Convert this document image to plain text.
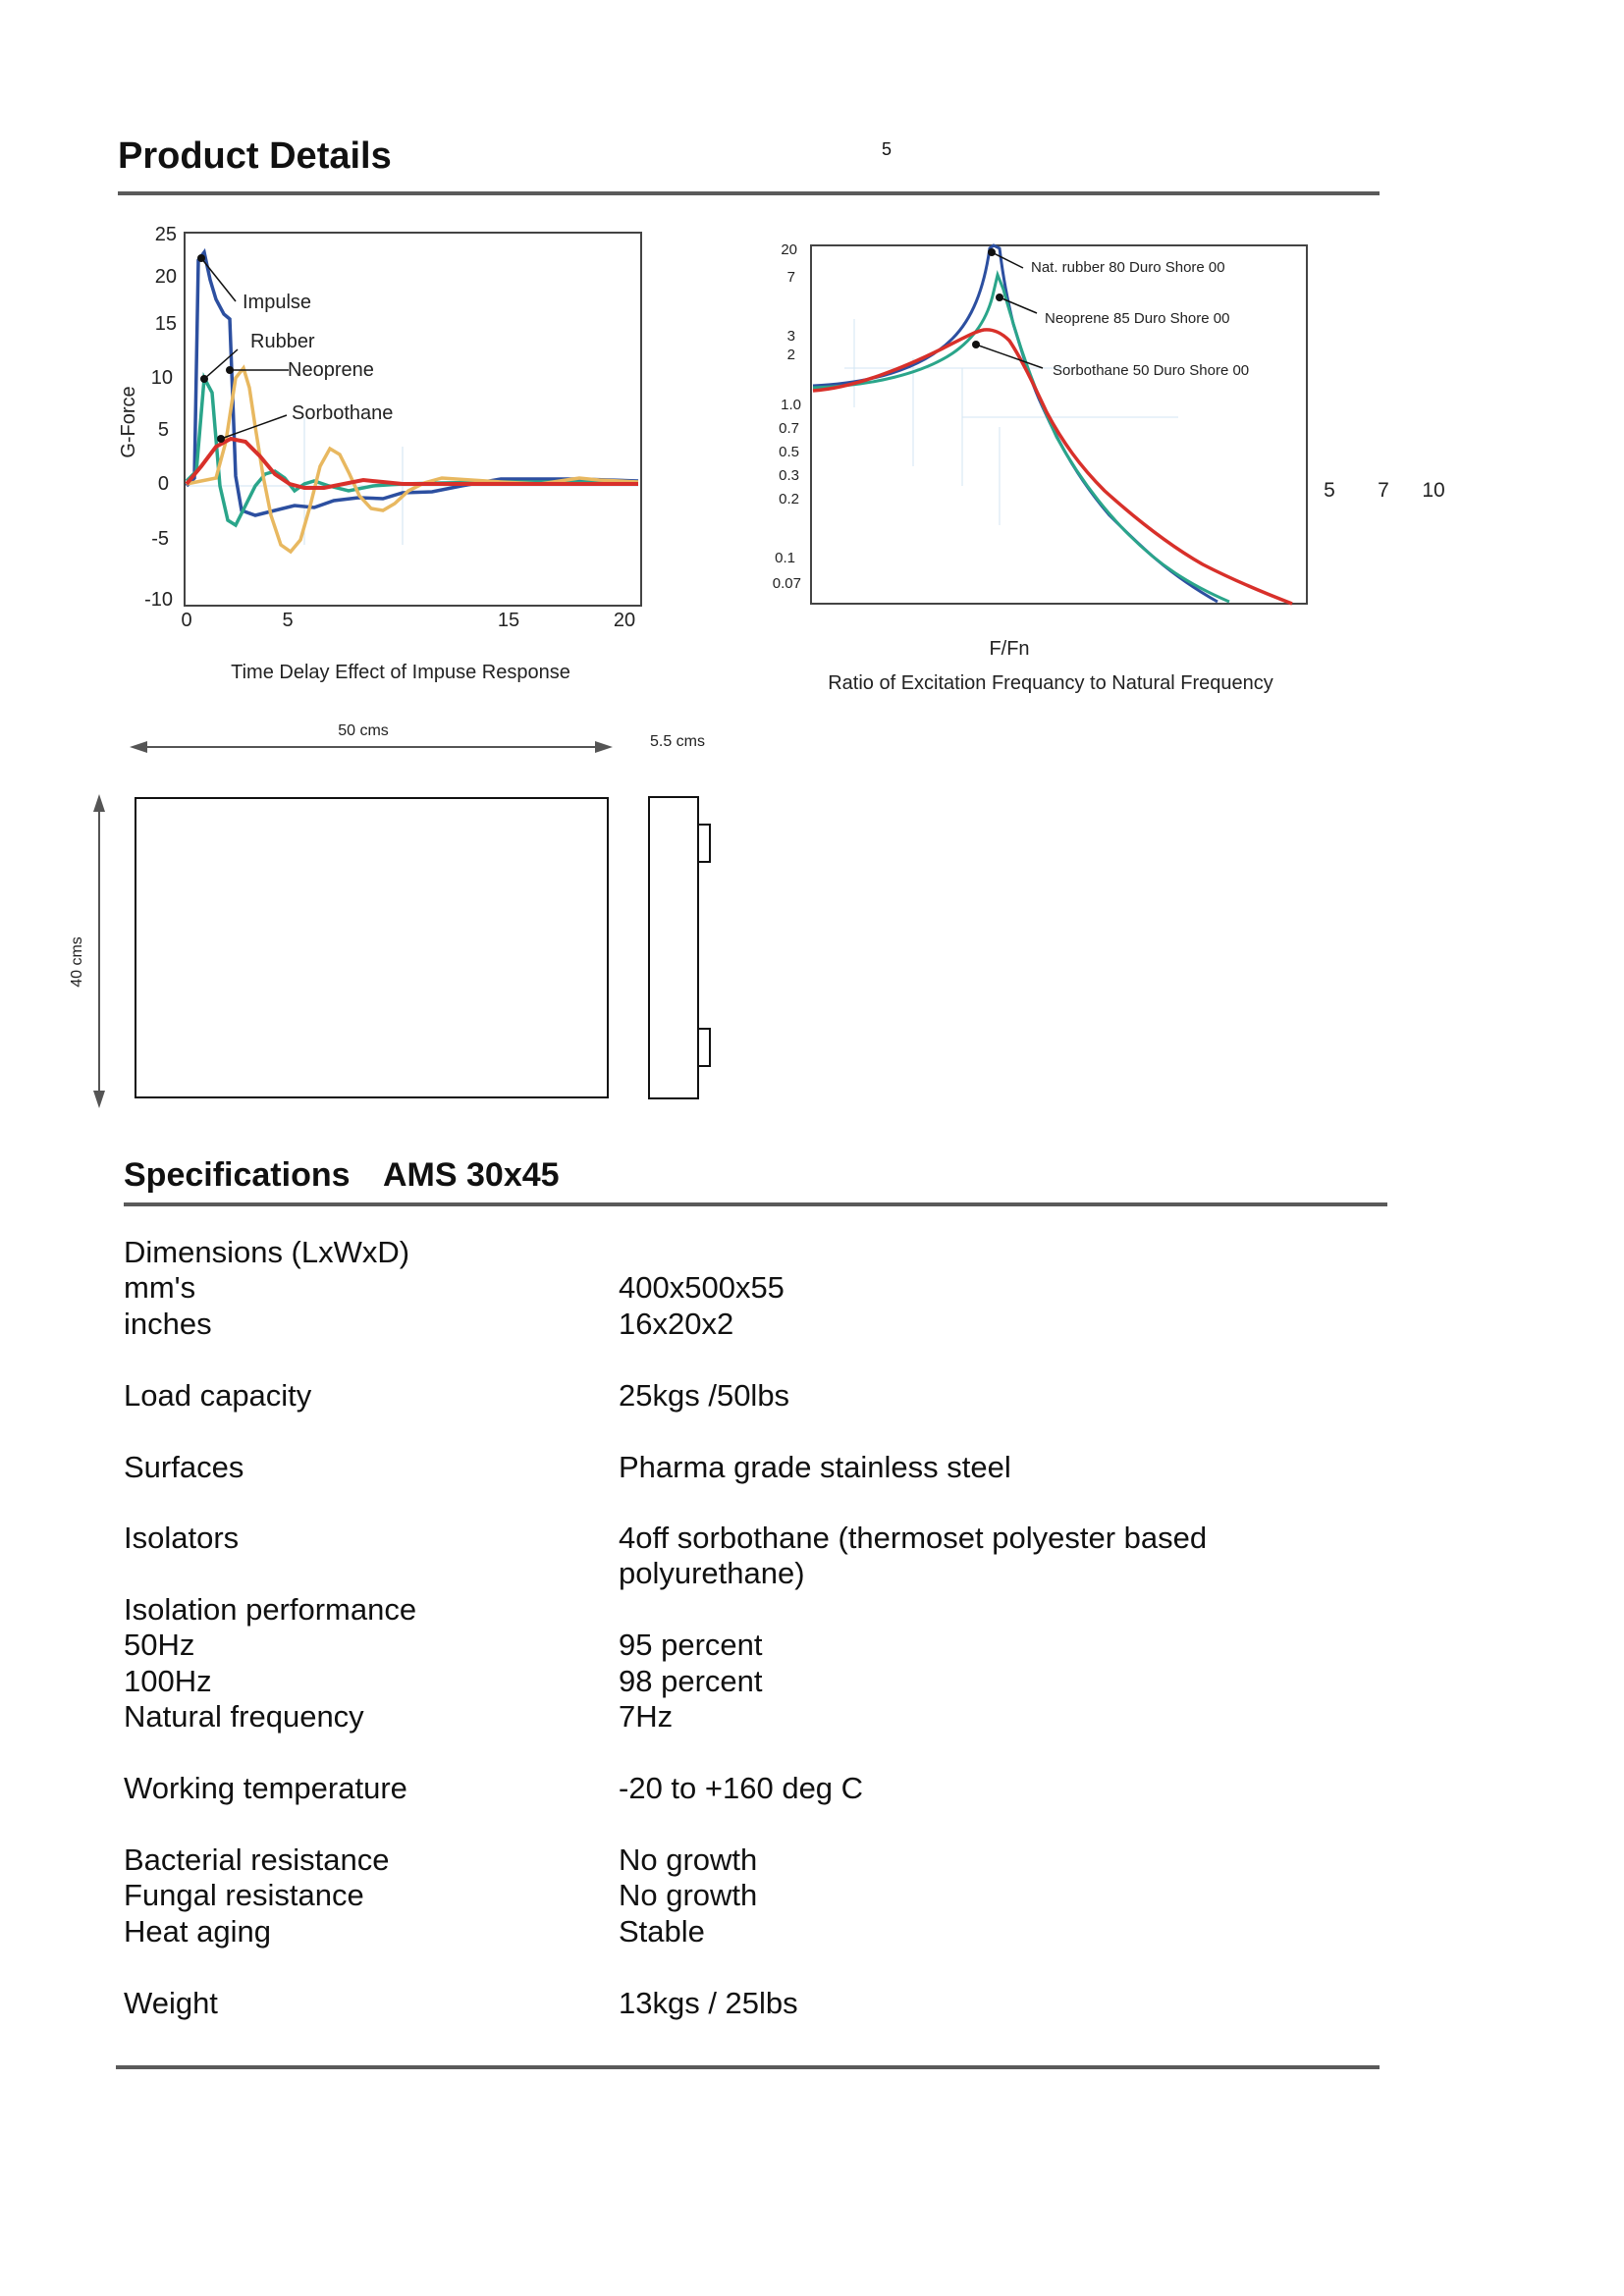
Product Details	5
25
20
15
10
5
0
-5
-10
0	5	15	20
G-Force
Impulse
Rubber
Neoprene
Sorbothane
Time Delay Effect of Impuse Response
20
7
3
2
1.0
0.7
0.5
0.3
0.2
0.1
0.07
5 7 10
Nat. rubber 80 Duro Shore 00
Neoprene 85 Duro Shore 00
Sorbothane 50 Duro Shore 00
F/Fn
Ratio of Excitation Frequancy to Natural Frequency
50 cms
5.5 cms
40 cms
Specifications AMS 30x45
Dimensions (LxWxD)
mm's	400x500x55
inches	16x20x2
Load capacity	25kgs /50lbs
Surfaces	Pharma grade stainless steel
Isolators	4off sorbothane (thermoset polyester based
polyurethane)
Isolation performance
50Hz	95 percent
100Hz	98 percent
Natural frequency	7Hz
Working temperature	-20 to +160 deg C
Bacterial resistance	No growth
Fungal resistance	No growth
Heat aging	Stable
Weight	13kgs / 25lbs
